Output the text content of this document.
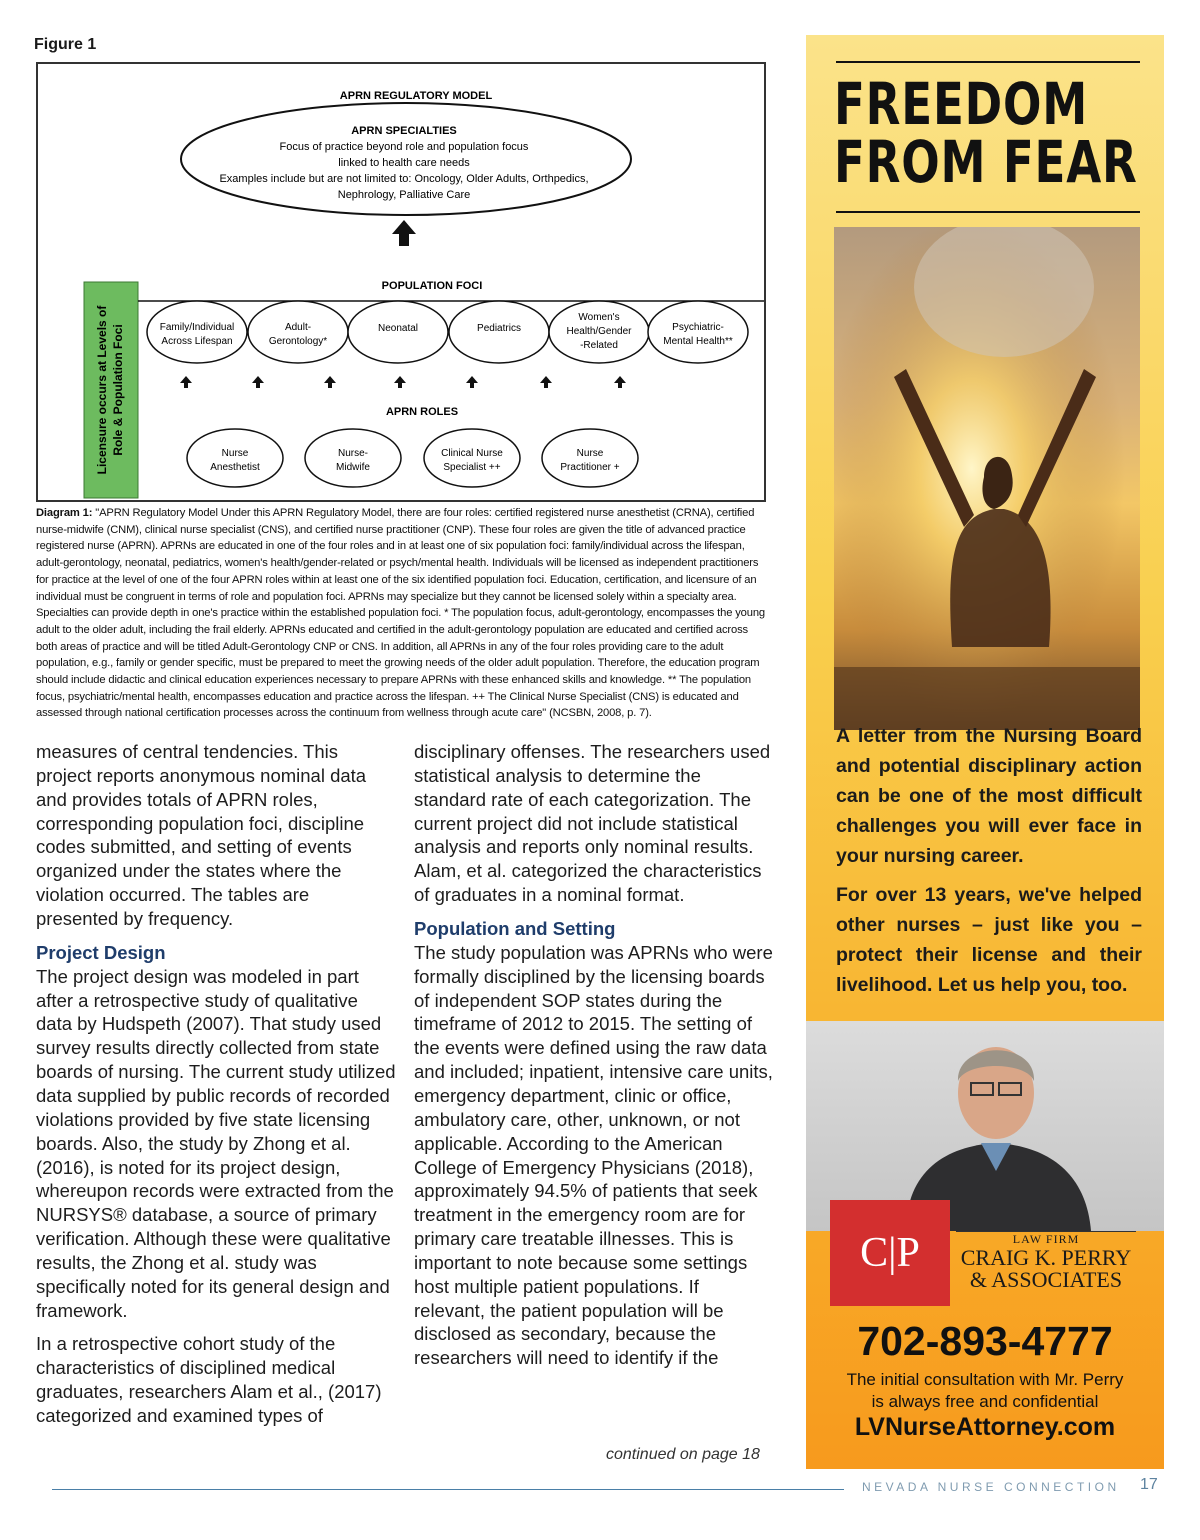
Figure 1
APRN REGULATORY MODEL
APRN SPECIALTIES
Focus of practice beyond role and population focus
linked to health care needs
Examples include but are not limited to: Oncology, Older Adults, Orthpedics,
Nephrology, Palliative Care
POPULATION FOCI
Licensure occurs at Levels of Role & Population Foci	Family/Individual
Across Lifespan
Adult-
Gerontology*
Neonatal	Pediatrics
Women's
Health/Gender
-Related
Psychiatric-
Mental Health**
APRN ROLES
Nurse
Anesthetist
Nurse-
Midwife
Clinical Nurse
Specialist ++
Nurse
Practitioner +
Diagram 1: "APRN Regulatory Model Under this APRN Regulatory Model, there are four roles: certified registered nurse anesthetist (CRNA), certified nurse-midwife (CNM), clinical nurse specialist (CNS), and certified nurse practitioner (CNP). These four roles are given the title of advanced practice registered nurse (APRN). APRNs are educated in one of the four roles and in at least one of six population foci: family/individual across the lifespan, adult-gerontology, neonatal, pediatrics, women's health/gender-related or psych/mental health. Individuals will be licensed as independent practitioners for practice at the level of one of the four APRN roles within at least one of the six identified population foci. Education, certification, and licensure of an individual must be congruent in terms of role and population foci. APRNs may specialize but they cannot be licensed solely within a specialty area. Specialties can provide depth in one's practice within the established population foci. * The population focus, adult-gerontology, encompasses the young adult to the older adult, including the frail elderly. APRNs educated and certified in the adult-gerontology population are educated and certified across both areas of practice and will be titled Adult-Gerontology CNP or CNS. In addition, all APRNs in any of the four roles providing care to the adult population, e.g., family or gender specific, must be prepared to meet the growing needs of the older adult population. Therefore, the education program should include didactic and clinical education experiences necessary to prepare APRNs with these enhanced skills and knowledge. ** The population focus, psychiatric/mental health, encompasses education and practice across the lifespan. ++ The Clinical Nurse Specialist (CNS) is educated and assessed through national certification processes across the continuum from wellness through acute care" (NCSBN, 2008, p. 7).

measures of central tendencies. This project reports anonymous nominal data and provides totals of APRN roles, corresponding population foci, discipline codes submitted, and setting of events organized under the states where the violation occurred. The tables are presented by frequency.

Project Design

The project design was modeled in part after a retrospective study of qualitative data by Hudspeth (2007). That study used survey results directly collected from state boards of nursing. The current study utilized data supplied by public records of recorded violations provided by five state licensing boards. Also, the study by Zhong et al. (2016), is noted for its project design, whereupon records were extracted from the NURSYS® database, a source of primary verification. Although these were qualitative results, the Zhong et al. study was specifically noted for its general design and framework.

In a retrospective cohort study of the characteristics of disciplined medical graduates, researchers Alam et al., (2017) categorized and examined types of

disciplinary offenses. The researchers used statistical analysis to determine the standard rate of each categorization. The current project did not include statistical analysis and reports only nominal results. Alam, et al. categorized the characteristics of graduates in a nominal format.

Population and Setting

The study population was APRNs who were formally disciplined by the licensing boards of independent SOP states during the timeframe of 2012 to 2015. The setting of the events were defined using the raw data and included; inpatient, intensive care units, emergency department, clinic or office, ambulatory care, other, unknown, or not applicable. According to the American College of Emergency Physicians (2018), approximately 94.5% of patients that seek treatment in the emergency room are for primary care treatable illnesses. This is important to note because some settings host multiple patient populations. If relevant, the patient population will be disclosed as secondary, because the researchers will need to identify if the

continued on page 18
FREEDOM
FROM FEAR
A letter from the Nursing Board and potential disciplinary action can be one of the most difficult challenges you will ever face in your nursing career.
For over 13 years, we've helped other nurses – just like you – protect their license and their livelihood. Let us help you, too.
C|P	LAW FIRM
CRAIG K. PERRY
& ASSOCIATES
702-893-4777
The initial consultation with Mr. Perry
is always free and confidential
LVNurseAttorney.com
NEVADA NURSE CONNECTION 17
